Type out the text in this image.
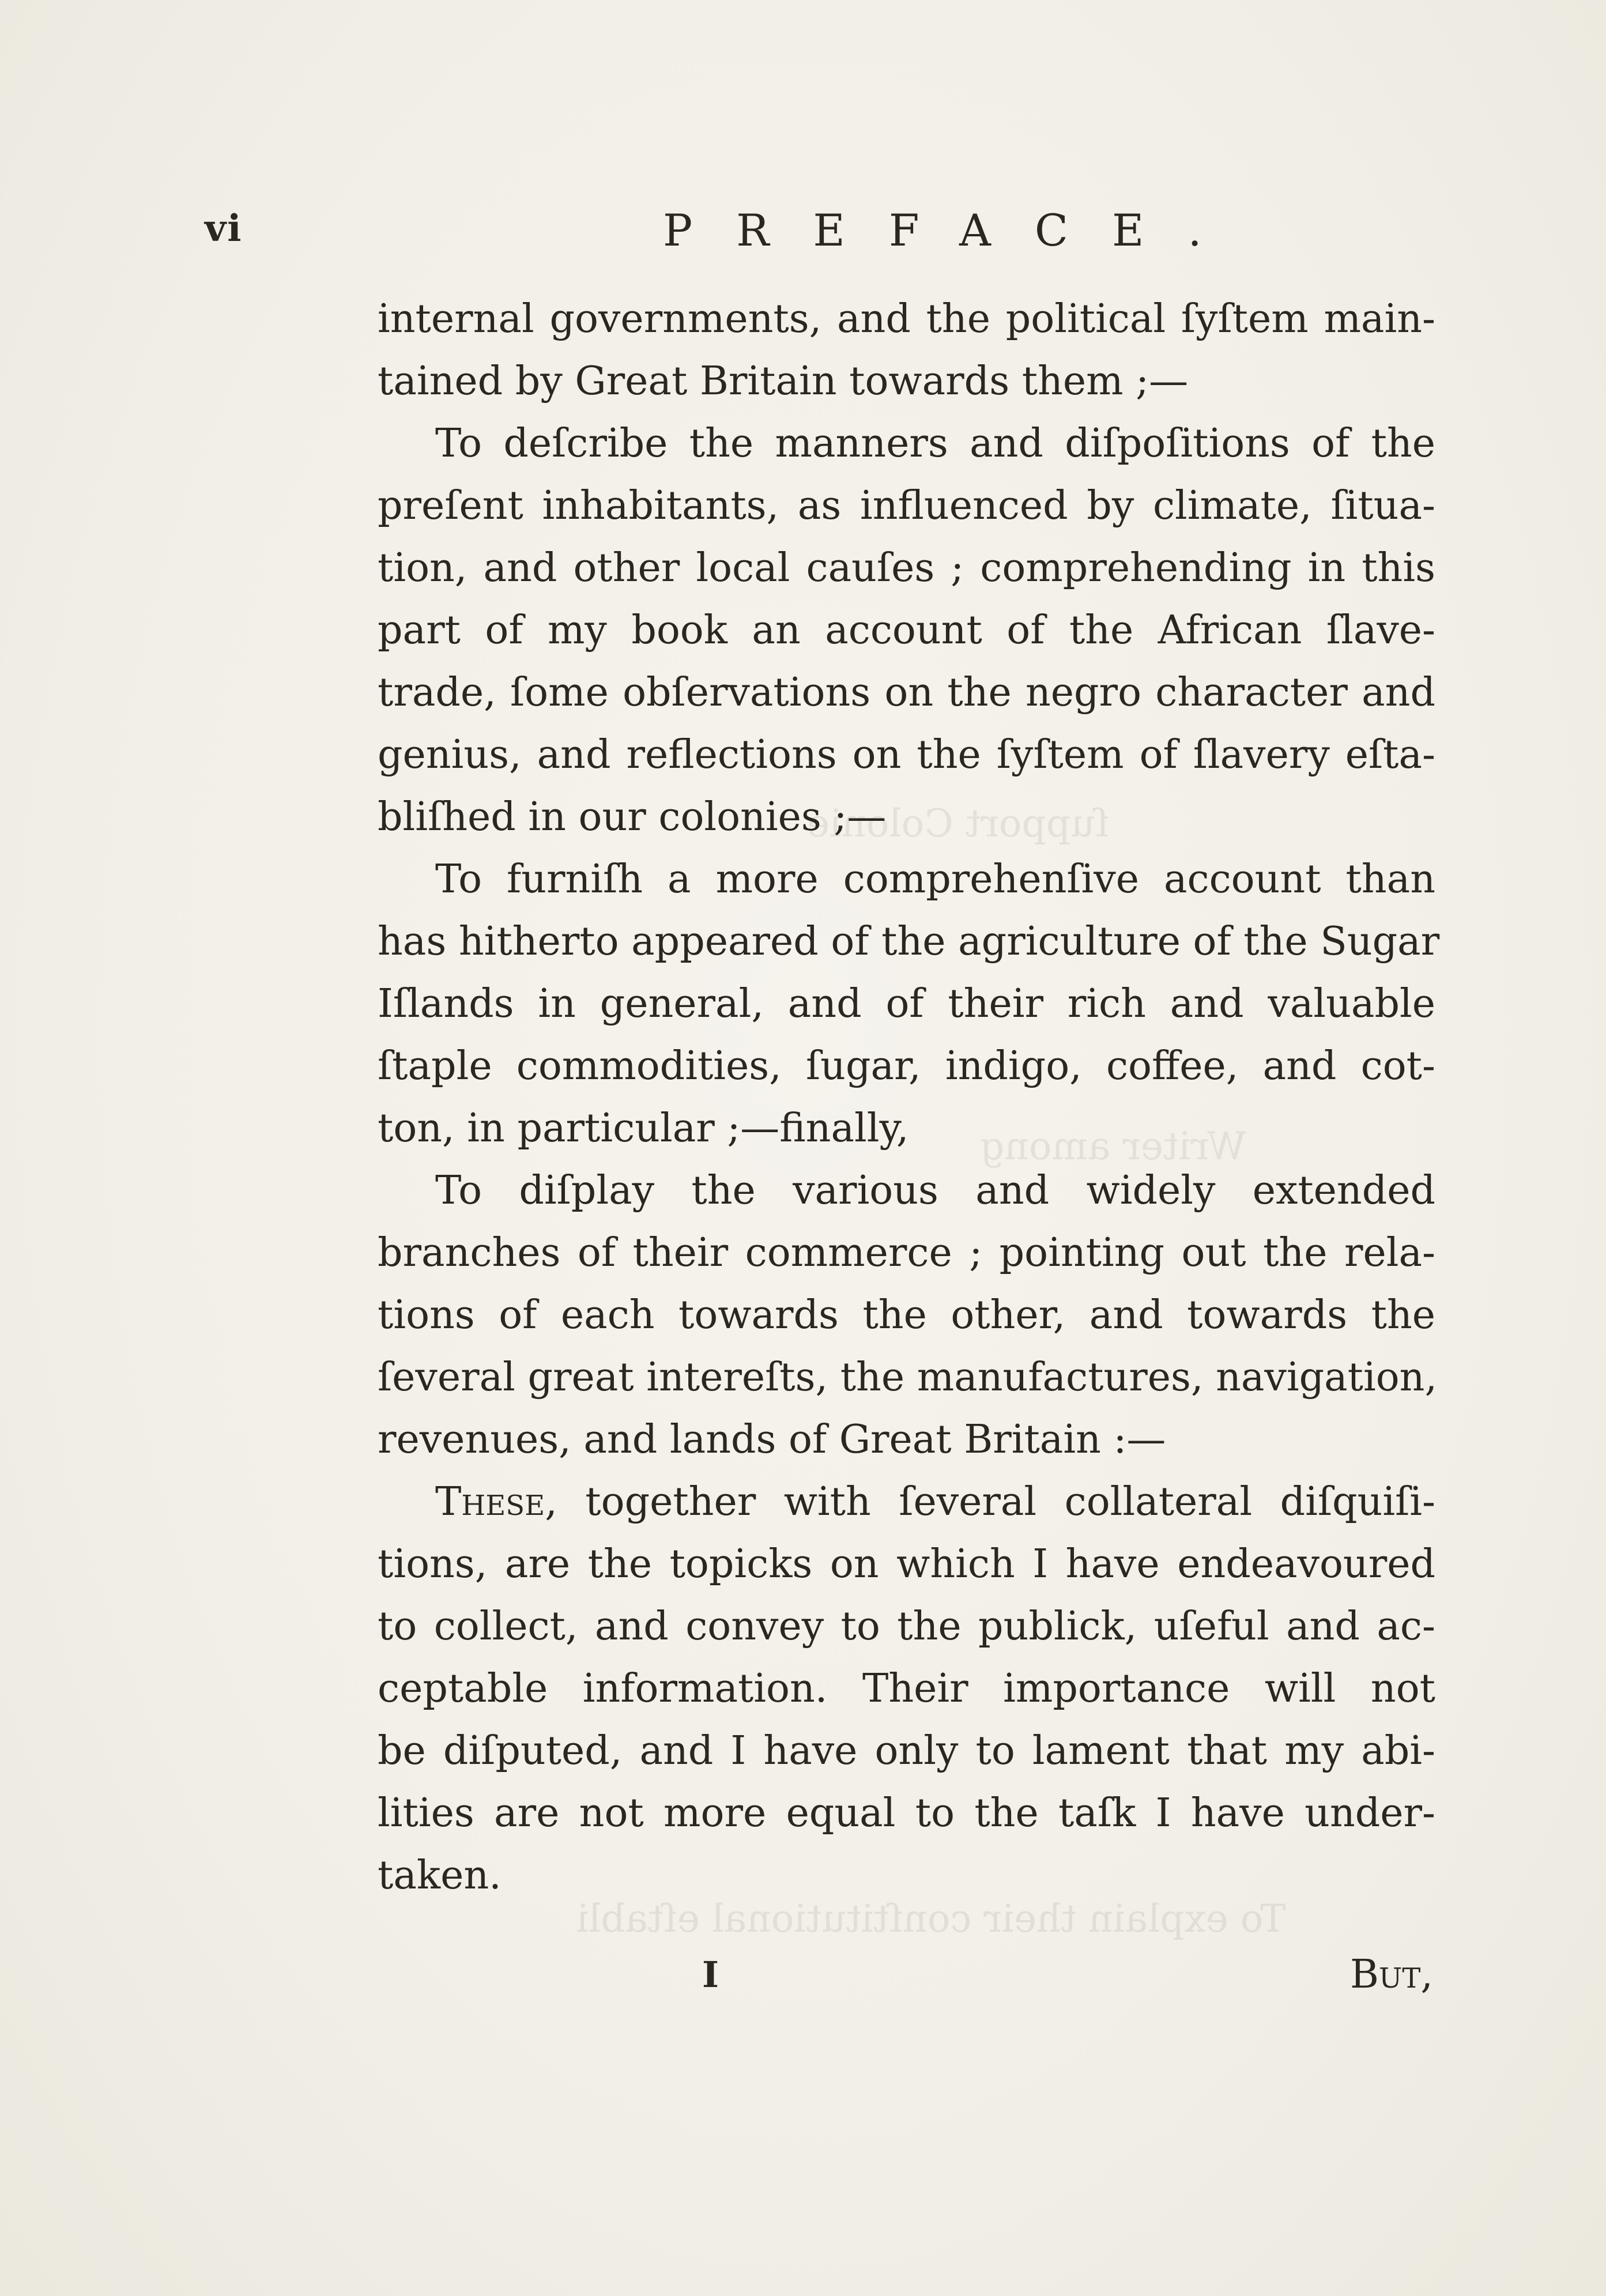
ſupport Colonie
Writer among
To explain their conſtitutional eſtabli
vi	PREFACE.
internal governments, and the political ſyſtem main-
tained by Great Britain towards them ;—
To deſcribe the manners and diſpoſitions of the
preſent inhabitants, as influenced by climate, ſitua-
tion, and other local cauſes ; comprehending in this
part of my book an account of the African ſlave-
trade, ſome obſervations on the negro character and
genius, and reflections on the ſyſtem of ſlavery eſta-
bliſhed in our colonies ;—
To furniſh a more comprehenſive account than
has hitherto appeared of the agriculture of the Sugar
Iſlands in general, and of their rich and valuable
ſtaple commodities, ſugar, indigo, coffee, and cot-
ton, in particular ;—finally,
To diſplay the various and widely extended
branches of their commerce ; pointing out the rela-
tions of each towards the other, and towards the
ſeveral great intereſts, the manufactures, navigation,
revenues, and lands of Great Britain :—
These, together with ſeveral collateral diſquiſi-
tions, are the topicks on which I have endeavoured
to collect, and convey to the publick, uſeful and ac-
ceptable information. Their importance will not
be diſputed, and I have only to lament that my abi-
lities are not more equal to the taſk I have under-
taken.
I	But,
